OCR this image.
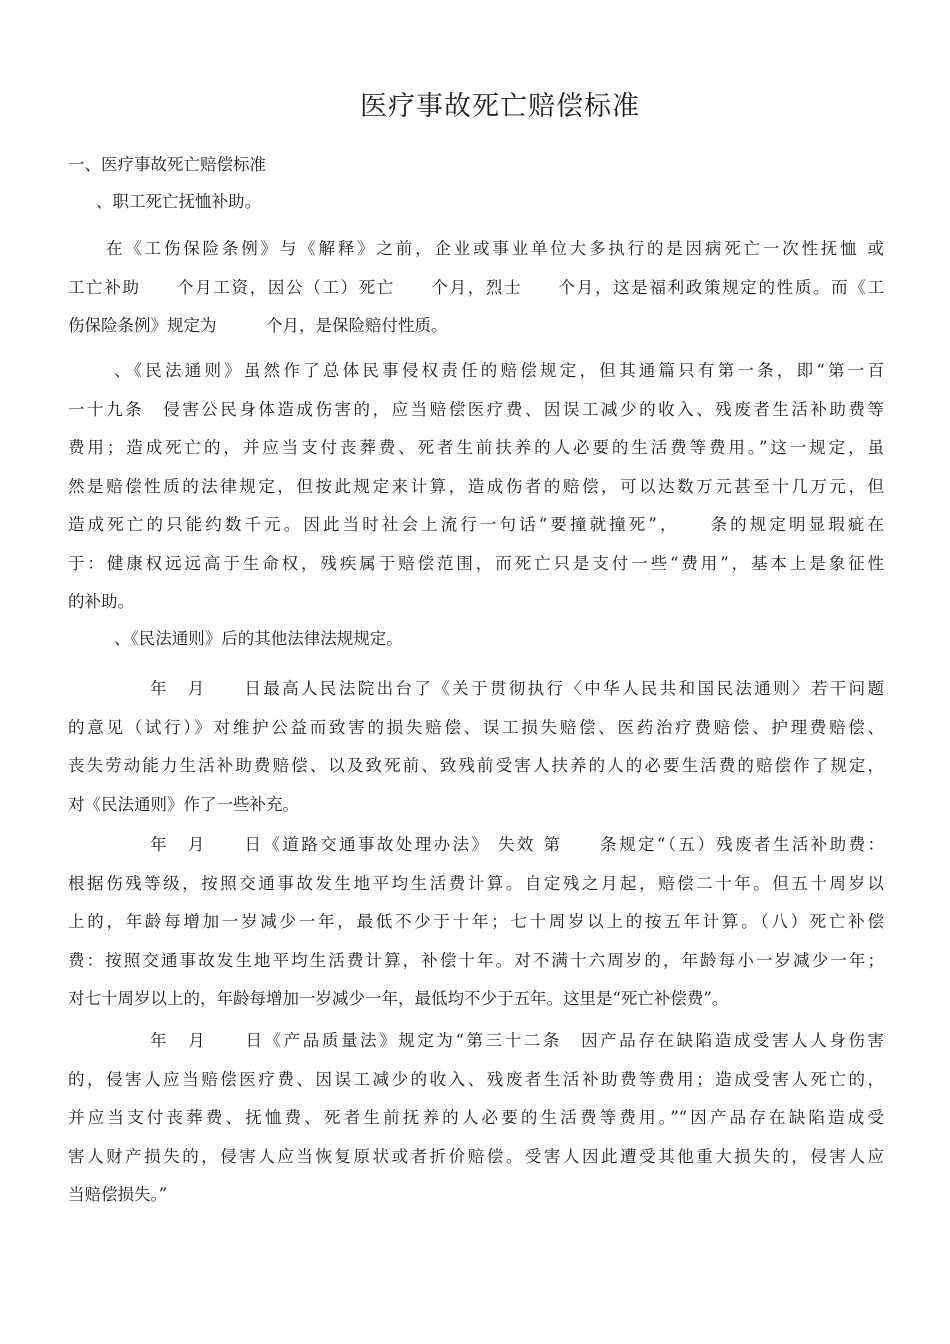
医疗事故死亡赔偿标准
一、医疗事故死亡赔偿标准
、职工死亡抚恤补助。
在《工伤保险条例》与《解释》之前，企业或事业单位大多执行的是因病死亡一次性抚恤 或
工亡补助　　个月工资，因公（工）死亡　　个月，烈士　　个月，这是福利政策规定的性质。而《工
伤保险条例》规定为　　　个月，是保险赔付性质。
、《民法通则》虽然作了总体民事侵权责任的赔偿规定，但其通篇只有第一条，即“第一百
一十九条　侵害公民身体造成伤害的，应当赔偿医疗费、因误工减少的收入、残废者生活补助费等
费用；造成死亡的，并应当支付丧葬费、死者生前扶养的人必要的生活费等费用。”这一规定，虽
然是赔偿性质的法律规定，但按此规定来计算，造成伤者的赔偿，可以达数万元甚至十几万元，但
造成死亡的只能约数千元。因此当时社会上流行一句话“要撞就撞死”，　　条的规定明显瑕疵在
于：健康权远远高于生命权，残疾属于赔偿范围，而死亡只是支付一些“费用”，基本上是象征性
的补助。
、《民法通则》后的其他法律法规规定。
年　月　　日最高人民法院出台了《关于贯彻执行〈中华人民共和国民法通则〉若干问题
的意见（试行）》对维护公益而致害的损失赔偿、误工损失赔偿、医药治疗费赔偿、护理费赔偿、
丧失劳动能力生活补助费赔偿、以及致死前、致残前受害人扶养的人的必要生活费的赔偿作了规定，
对《民法通则》作了一些补充。
年　月　　日《道路交通事故处理办法》 失效 第　　条规定“（五）残废者生活补助费：
根据伤残等级，按照交通事故发生地平均生活费计算。自定残之月起，赔偿二十年。但五十周岁以
上的，年龄每增加一岁减少一年，最低不少于十年；七十周岁以上的按五年计算。（八）死亡补偿
费：按照交通事故发生地平均生活费计算，补偿十年。对不满十六周岁的，年龄每小一岁减少一年；
对七十周岁以上的，年龄每增加一岁减少一年，最低均不少于五年。这里是“死亡补偿费”。
年　月　　日《产品质量法》规定为“第三十二条　因产品存在缺陷造成受害人人身伤害
的，侵害人应当赔偿医疗费、因误工减少的收入、残废者生活补助费等费用；造成受害人死亡的，
并应当支付丧葬费、抚恤费、死者生前抚养的人必要的生活费等费用。”“因产品存在缺陷造成受
害人财产损失的，侵害人应当恢复原状或者折价赔偿。受害人因此遭受其他重大损失的，侵害人应
当赔偿损失。”
